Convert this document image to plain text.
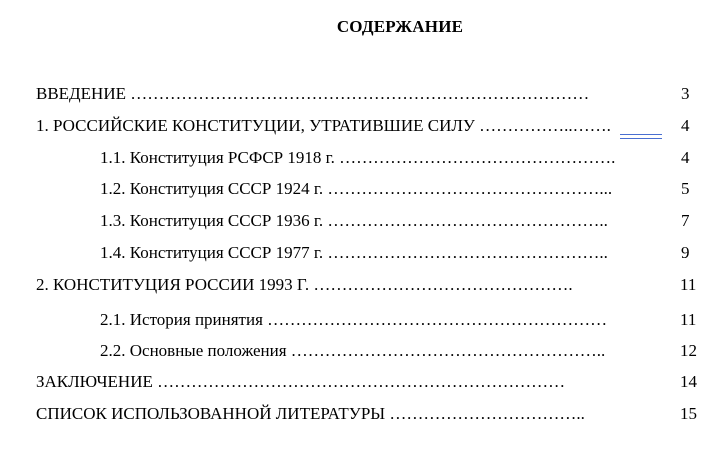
СОДЕРЖАНИЕ
ВВЕДЕНИЕ ………………………………………………………………………	3
1. РОССИЙСКИЕ КОНСТИТУЦИИ, УТРАТИВШИЕ СИЛУ ……………..…….	4
1.1. Конституция РСФСР 1918 г. ………………………………………….	4
1.2. Конституция СССР 1924 г. …………………………………………...	5
1.3. Конституция СССР 1936 г. …………………………………………..	7
1.4. Конституция СССР 1977 г. …………………………………………..	9
2. КОНСТИТУЦИЯ РОССИИ 1993 Г. ……………………………………….	11
2.1. История принятия ……………………………………………………	11
2.2. Основные положения ………………………………………………..	12
ЗАКЛЮЧЕНИЕ ………………………………………………………………	14
СПИСОК ИСПОЛЬЗОВАННОЙ ЛИТЕРАТУРЫ ……………………………..	15
